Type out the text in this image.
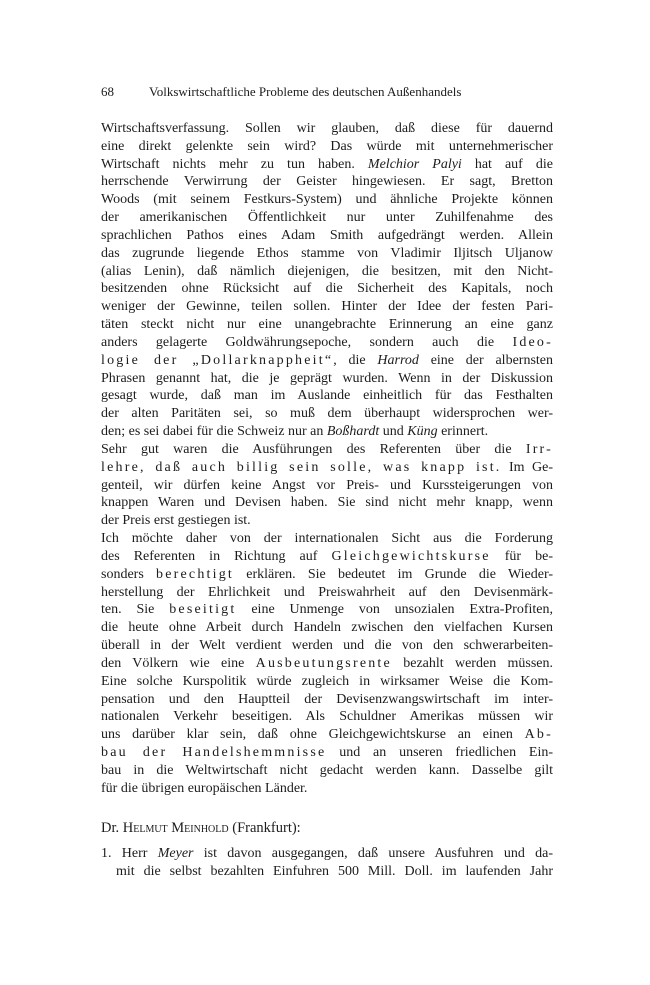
68	Volkswirtschaftliche Probleme des deutschen Außenhandels
Wirtschaftsverfassung. Sollen wir glauben, daß diese für dauernd
eine direkt gelenkte sein wird? Das würde mit unternehmerischer
Wirtschaft nichts mehr zu tun haben. Melchior Palyi hat auf die
herrschende Verwirrung der Geister hingewiesen. Er sagt, Bretton
Woods (mit seinem Festkurs-System) und ähnliche Projekte können
der amerikanischen Öffentlichkeit nur unter Zuhilfenahme des
sprachlichen Pathos eines Adam Smith aufgedrängt werden. Allein
das zugrunde liegende Ethos stamme von Vladimir Iljitsch Uljanow
(alias Lenin), daß nämlich diejenigen, die besitzen, mit den Nicht-
besitzenden ohne Rücksicht auf die Sicherheit des Kapitals, noch
weniger der Gewinne, teilen sollen. Hinter der Idee der festen Pari-
täten steckt nicht nur eine unangebrachte Erinnerung an eine ganz
anders gelagerte Goldwährungsepoche, sondern auch die Ideo-
logie der „Dollarknappheit“, die Harrod eine der albernsten
Phrasen genannt hat, die je geprägt wurden. Wenn in der Diskussion
gesagt wurde, daß man im Auslande einheitlich für das Festhalten
der alten Paritäten sei, so muß dem überhaupt widersprochen wer-
den; es sei dabei für die Schweiz nur an Boßhardt und Küng erinnert.
Sehr gut waren die Ausführungen des Referenten über die Irr-
lehre, daß auch billig sein solle, was knapp ist. Im Ge-
genteil, wir dürfen keine Angst vor Preis- und Kurssteigerungen von
knappen Waren und Devisen haben. Sie sind nicht mehr knapp, wenn
der Preis erst gestiegen ist.
Ich möchte daher von der internationalen Sicht aus die Forderung
des Referenten in Richtung auf Gleichgewichtskurse für be-
sonders berechtigt erklären. Sie bedeutet im Grunde die Wieder-
herstellung der Ehrlichkeit und Preiswahrheit auf den Devisenmärk-
ten. Sie beseitigt eine Unmenge von unsozialen Extra-Profiten,
die heute ohne Arbeit durch Handeln zwischen den vielfachen Kursen
überall in der Welt verdient werden und die von den schwerarbeiten-
den Völkern wie eine Ausbeutungsrente bezahlt werden müssen.
Eine solche Kurspolitik würde zugleich in wirksamer Weise die Kom-
pensation und den Hauptteil der Devisenzwangswirtschaft im inter-
nationalen Verkehr beseitigen. Als Schuldner Amerikas müssen wir
uns darüber klar sein, daß ohne Gleichgewichtskurse an einen Ab-
bau der Handelshemmnisse und an unseren friedlichen Ein-
bau in die Weltwirtschaft nicht gedacht werden kann. Dasselbe gilt
für die übrigen europäischen Länder.
Dr. Helmut Meinhold (Frankfurt):
1. Herr Meyer ist davon ausgegangen, daß unsere Ausfuhren und da-
mit die selbst bezahlten Einfuhren 500 Mill. Doll. im laufenden Jahr
